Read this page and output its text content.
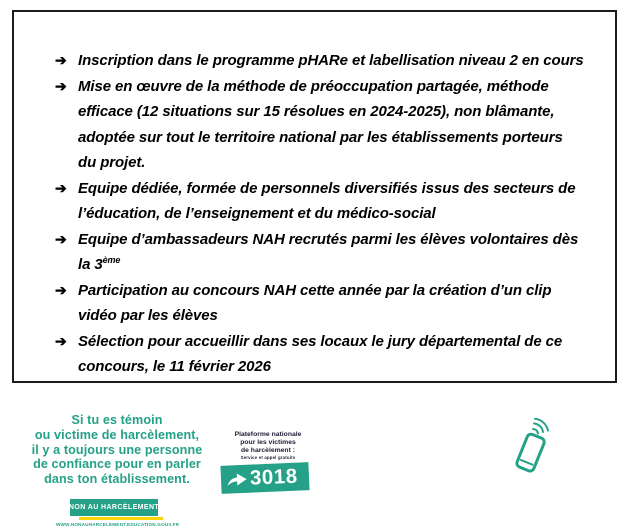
➔ Inscription dans le programme pHARe et labellisation niveau 2 en cours
➔ Mise en œuvre de la méthode de préoccupation partagée, méthode
efficace (12 situations sur 15 résolues en 2024-2025), non blâmante,
adoptée sur tout le territoire national par les établissements porteurs
du projet.
➔ Equipe dédiée, formée de personnels diversifiés issus des secteurs de
l’éducation, de l’enseignement et du médico-social
➔ Equipe d’ambassadeurs NAH recrutés parmi les élèves volontaires dès
la 3ème
➔ Participation au concours NAH cette année par la création d’un clip
vidéo par les élèves
➔ Sélection pour accueillir dans ses locaux le jury départemental de ce
concours, le 11 février 2026
Si tu es témoin
ou victime de harcèlement,
il y a toujours une personne
de confiance pour en parler
dans ton établissement.
NON AU HARCÈLEMENT
WWW.NONAUHARCELEMENT.EDUCATION.GOUV.FR
Plateforme nationale
pour les victimes
de harcèlement :
Service et appel gratuits
3018
